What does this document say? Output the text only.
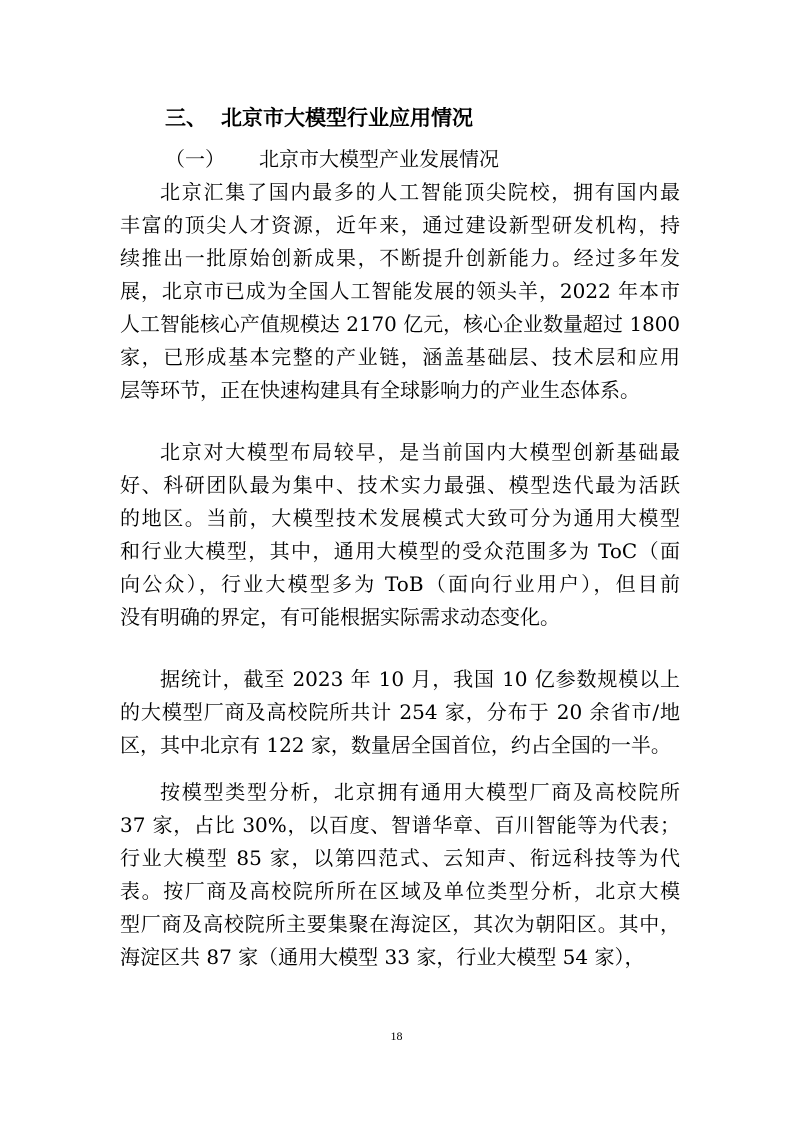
三、 北京市大模型行业应用情况
（一） 北京市大模型产业发展情况
北京汇集了国内最多的人工智能顶尖院校，拥有国内最
丰富的顶尖人才资源，近年来，通过建设新型研发机构，持
续推出一批原始创新成果，不断提升创新能力。经过多年发
展，北京市已成为全国人工智能发展的领头羊，2022 年本市
人工智能核心产值规模达 2170 亿元，核心企业数量超过 1800
家，已形成基本完整的产业链，涵盖基础层、技术层和应用
层等环节，正在快速构建具有全球影响力的产业生态体系。
北京对大模型布局较早，是当前国内大模型创新基础最
好、科研团队最为集中、技术实力最强、模型迭代最为活跃
的地区。当前，大模型技术发展模式大致可分为通用大模型
和行业大模型，其中，通用大模型的受众范围多为 ToC（面
向公众），行业大模型多为 ToB（面向行业用户），但目前
没有明确的界定，有可能根据实际需求动态变化。
据统计，截至 2023 年 10 月，我国 10 亿参数规模以上
的大模型厂商及高校院所共计 254 家，分布于 20 余省市/地
区，其中北京有 122 家，数量居全国首位，约占全国的一半。
按模型类型分析，北京拥有通用大模型厂商及高校院所
37 家，占比 30%，以百度、智谱华章、百川智能等为代表；
行业大模型 85 家，以第四范式、云知声、衔远科技等为代
表。按厂商及高校院所所在区域及单位类型分析，北京大模
型厂商及高校院所主要集聚在海淀区，其次为朝阳区。其中，
海淀区共 87 家（通用大模型 33 家，行业大模型 54 家），
18
